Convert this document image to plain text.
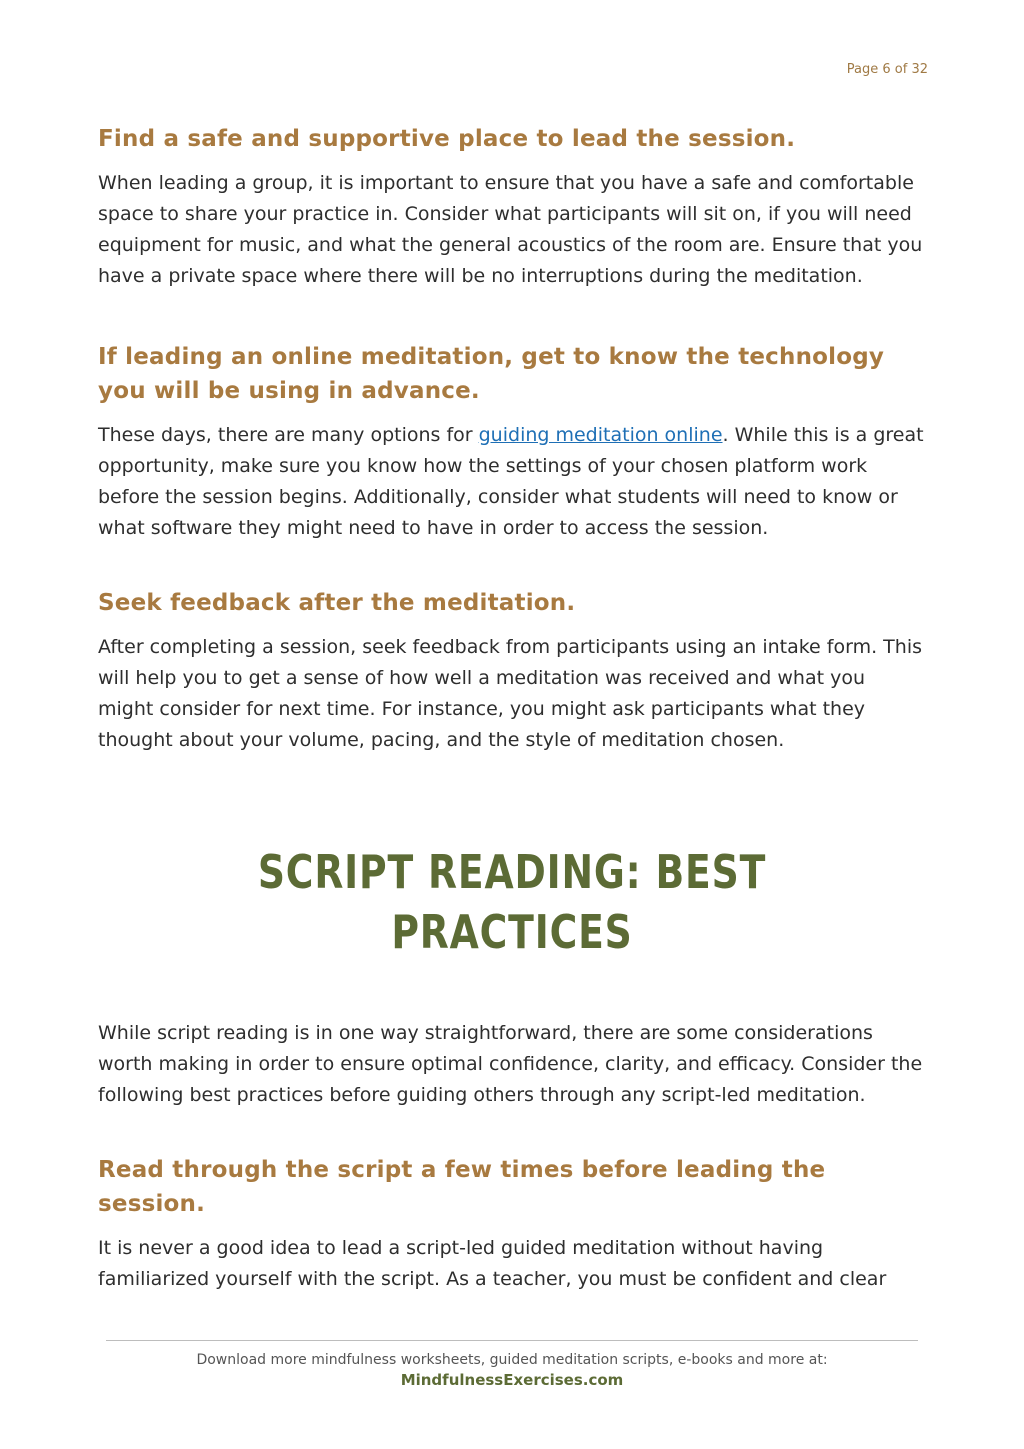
Page 6 of 32
Find a safe and supportive place to lead the session.

When leading a group, it is important to ensure that you have a safe and comfortable space to share your practice in. Consider what participants will sit on, if you will need equipment for music, and what the general acoustics of the room are. Ensure that you have a private space where there will be no interruptions during the meditation.

If leading an online meditation, get to know the technology you will be using in advance.

These days, there are many options for guiding meditation online. While this is a great opportunity, make sure you know how the settings of your chosen platform work before the session begins. Additionally, consider what students will need to know or what software they might need to have in order to access the session.

Seek feedback after the meditation.

After completing a session, seek feedback from participants using an intake form. This will help you to get a sense of how well a meditation was received and what you might consider for next time. For instance, you might ask participants what they thought about your volume, pacing, and the style of meditation chosen.

SCRIPT READING: BEST PRACTICES

While script reading is in one way straightforward, there are some considerations worth making in order to ensure optimal confidence, clarity, and efficacy. Consider the following best practices before guiding others through any script-led meditation.

Read through the script a few times before leading the session.

It is never a good idea to lead a script-led guided meditation without having familiarized yourself with the script. As a teacher, you must be confident and clear

Download more mindfulness worksheets, guided meditation scripts, e-books and more at:
MindfulnessExercises.com
